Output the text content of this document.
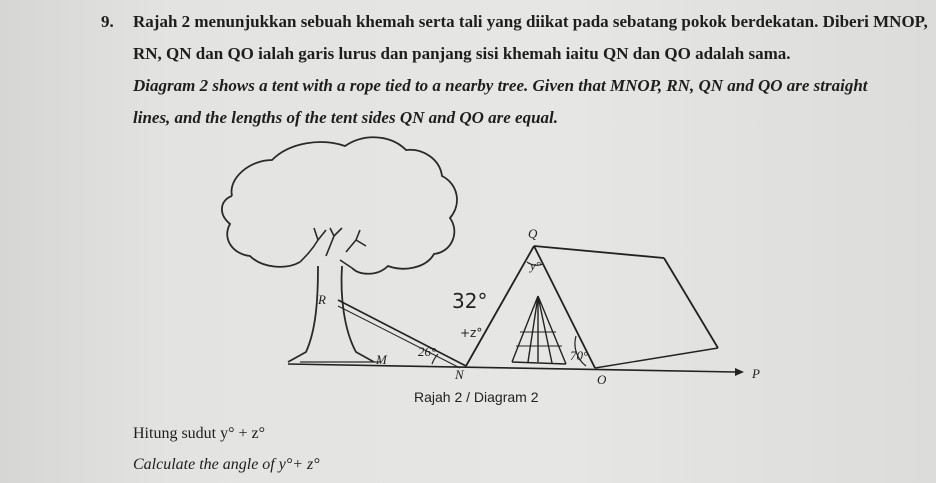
9. Rajah 2 menunjukkan sebuah khemah serta tali yang diikat pada sebatang pokok berdekatan. Diberi MNOP,
RN, QN dan QO ialah garis lurus dan panjang sisi khemah iaitu QN dan QO adalah sama.
Diagram 2 shows a tent with a rope tied to a nearby tree. Given that MNOP, RN, QN and QO are straight
lines, and the lengths of the tent sides QN and QO are equal.
Q
y°
R
M
N	O	P
26°	70°
32°
+z°
Rajah 2 / Diagram 2
Hitung sudut y° + z°
Calculate the angle of y°+ z°
